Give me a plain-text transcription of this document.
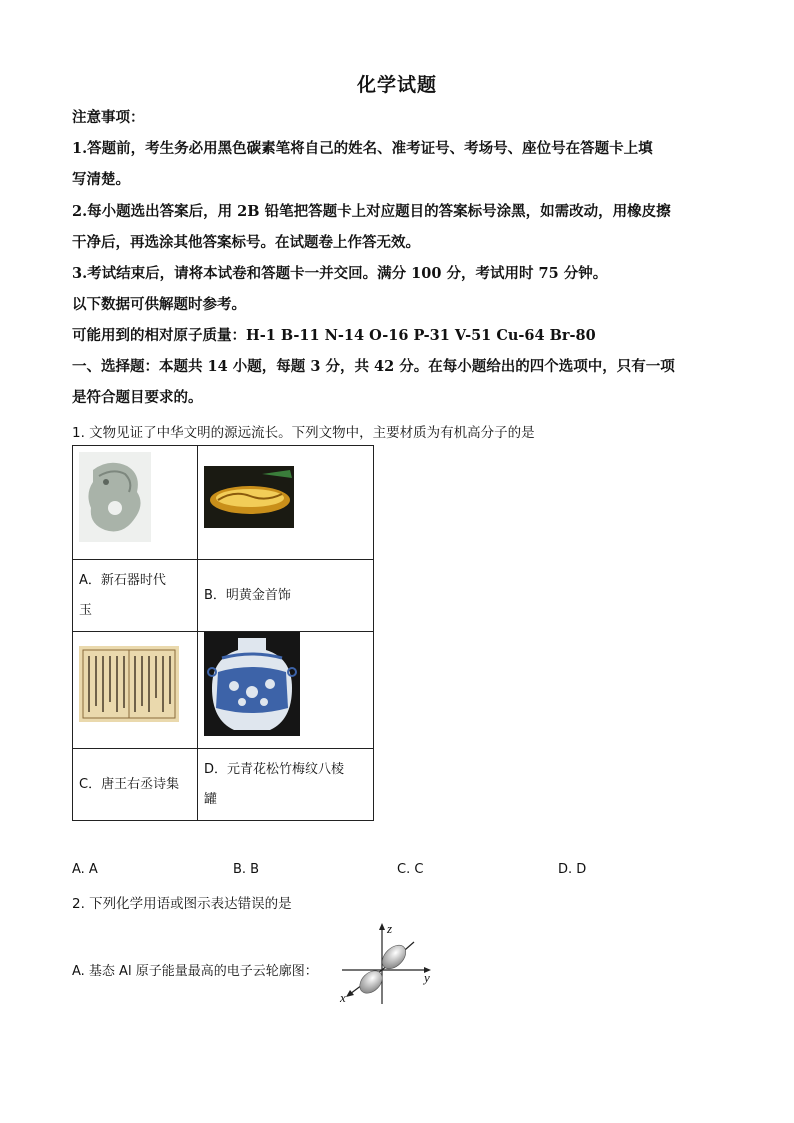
化学试题
注意事项：
1.答题前，考生务必用黑色碳素笔将自己的姓名、准考证号、考场号、座位号在答题卡上填
写清楚。
2.每小题选出答案后，用 2B 铅笔把答题卡上对应题目的答案标号涂黑，如需改动，用橡皮擦
干净后，再选涂其他答案标号。在试题卷上作答无效。
3.考试结束后，请将本试卷和答题卡一并交回。满分 100 分，考试用时 75 分钟。
以下数据可供解题时参考。
可能用到的相对原子质量：H-1 B-11 N-14 O-16 P-31 V-51 Cu-64 Br-80
一、选择题：本题共 14 小题，每题 3 分，共 42 分。在每小题给出的四个选项中，只有一项
是符合题目要求的。
1. 文物见证了中华文明的源远流长。下列文物中，主要材质为有机高分子的是

A．新石器时代
玉	B．明黄金首饰

C．唐王右丞诗集	D．元青花松竹梅纹八棱
罐
A. A	B. B	C. C	D. D
2. 下列化学用语或图示表达错误的是
A. 基态 Al 原子能量最高的电子云轮廓图：
z
y
x
